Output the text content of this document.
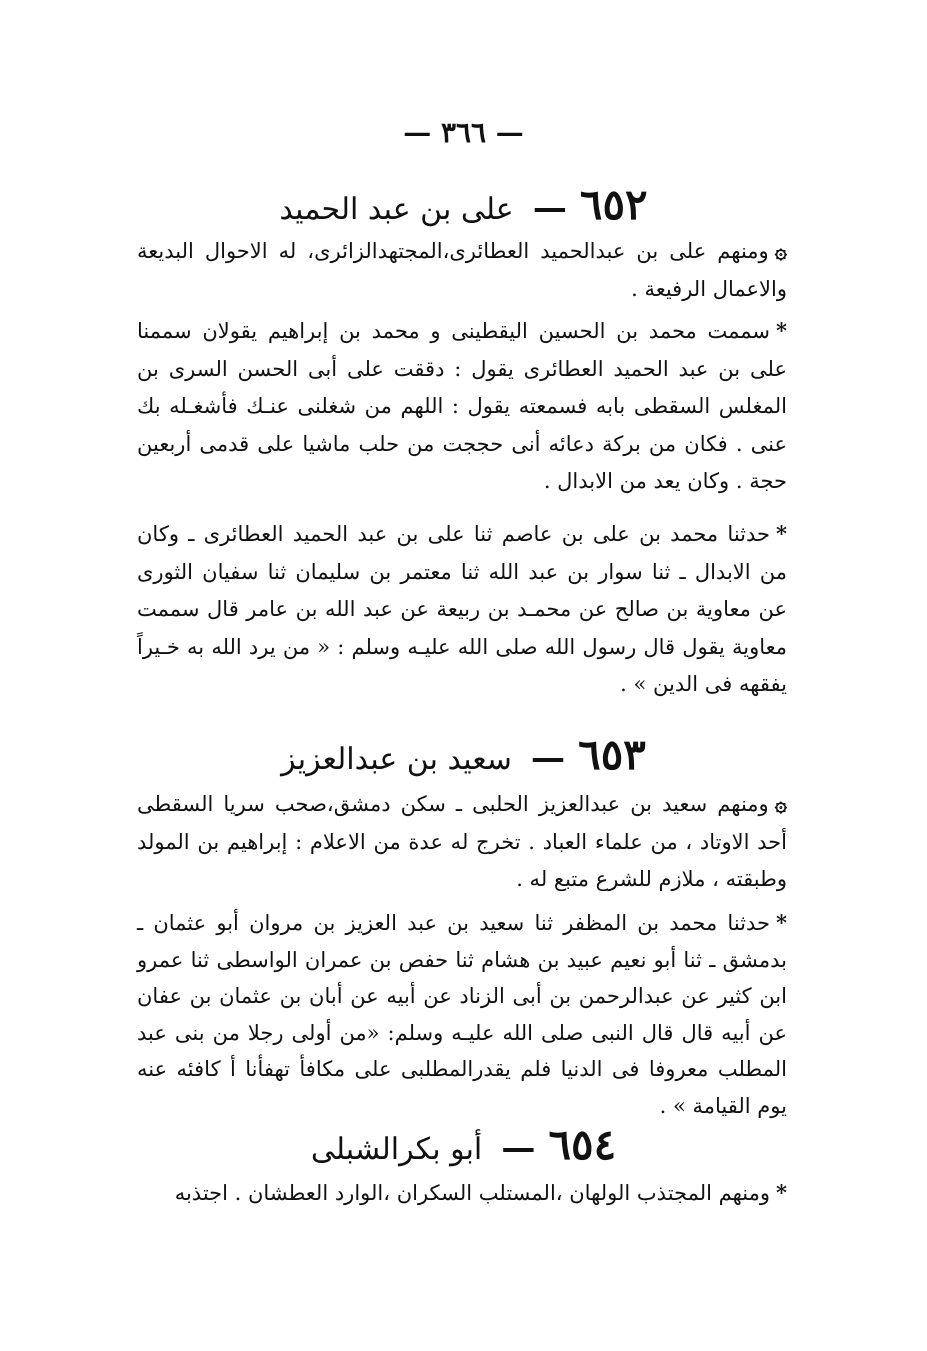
— ٣٦٦ —
٦٥٢ — على بن عبد الحميد
۞ومنهم على بن عبدالحميد العطائرى،المجتهدالزائرى، له الاحوال البديعة والاعمال الرفيعة .
*سممت محمد بن الحسين اليقطينى و محمد بن إبراهيم يقولان سممنا على بن عبد الحميد العطائرى يقول : دققت على أبى الحسن السرى بن المغلس السقطى بابه فسمعته يقول : اللهم من شغلنى عنـك فأشغـله بك عنى . فكان من بركة دعائه أنى حججت من حلب ماشيا على قدمى أربعين حجة . وكان يعد من الابدال .
*حدثنا محمد بن على بن عاصم ثنا على بن عبد الحميد العطائرى ـ وكان من الابدال ـ ثنا سوار بن عبد الله ثنا معتمر بن سليمان ثنا سفيان الثورى عن معاوية بن صالح عن محمـد بن ربيعة عن عبد الله بن عامر قال سممت معاوية يقول قال رسول الله صلى الله عليـه وسلم : « من يرد الله به خـيراً يفقهه فى الدين » .
٦٥٣ — سعيد بن عبدالعزيز
۞ومنهم سعيد بن عبدالعزيز الحلبى ـ سكن دمشق،صحب سريا السقطى أحد الاوتاد ، من علماء العباد . تخرج له عدة من الاعلام : إبراهيم بن المولد وطبقته ، ملازم للشرع متبع له .
*حدثنا محمد بن المظفر ثنا سعيد بن عبد العزيز بن مروان أبو عثمان ـ بدمشق ـ ثنا أبو نعيم عبيد بن هشام ثنا حفص بن عمران الواسطى ثنا عمرو ابن كثير عن عبدالرحمن بن أبى الزناد عن أبيه عن أبان بن عثمان بن عفان عن أبيه قال قال النبى صلى الله عليـه وسلم: «من أولى رجلا من بنى عبد المطلب معروفا فى الدنيا فلم يقدرالمطلبى على مكافأ تهفأنا أ كافئه عنه يوم القيامة » .
٦٥٤ — أبو بكرالشبلى
*ومنهم المجتذب الولهان ،المستلب السكران ،الوارد العطشان . اجتذبه
